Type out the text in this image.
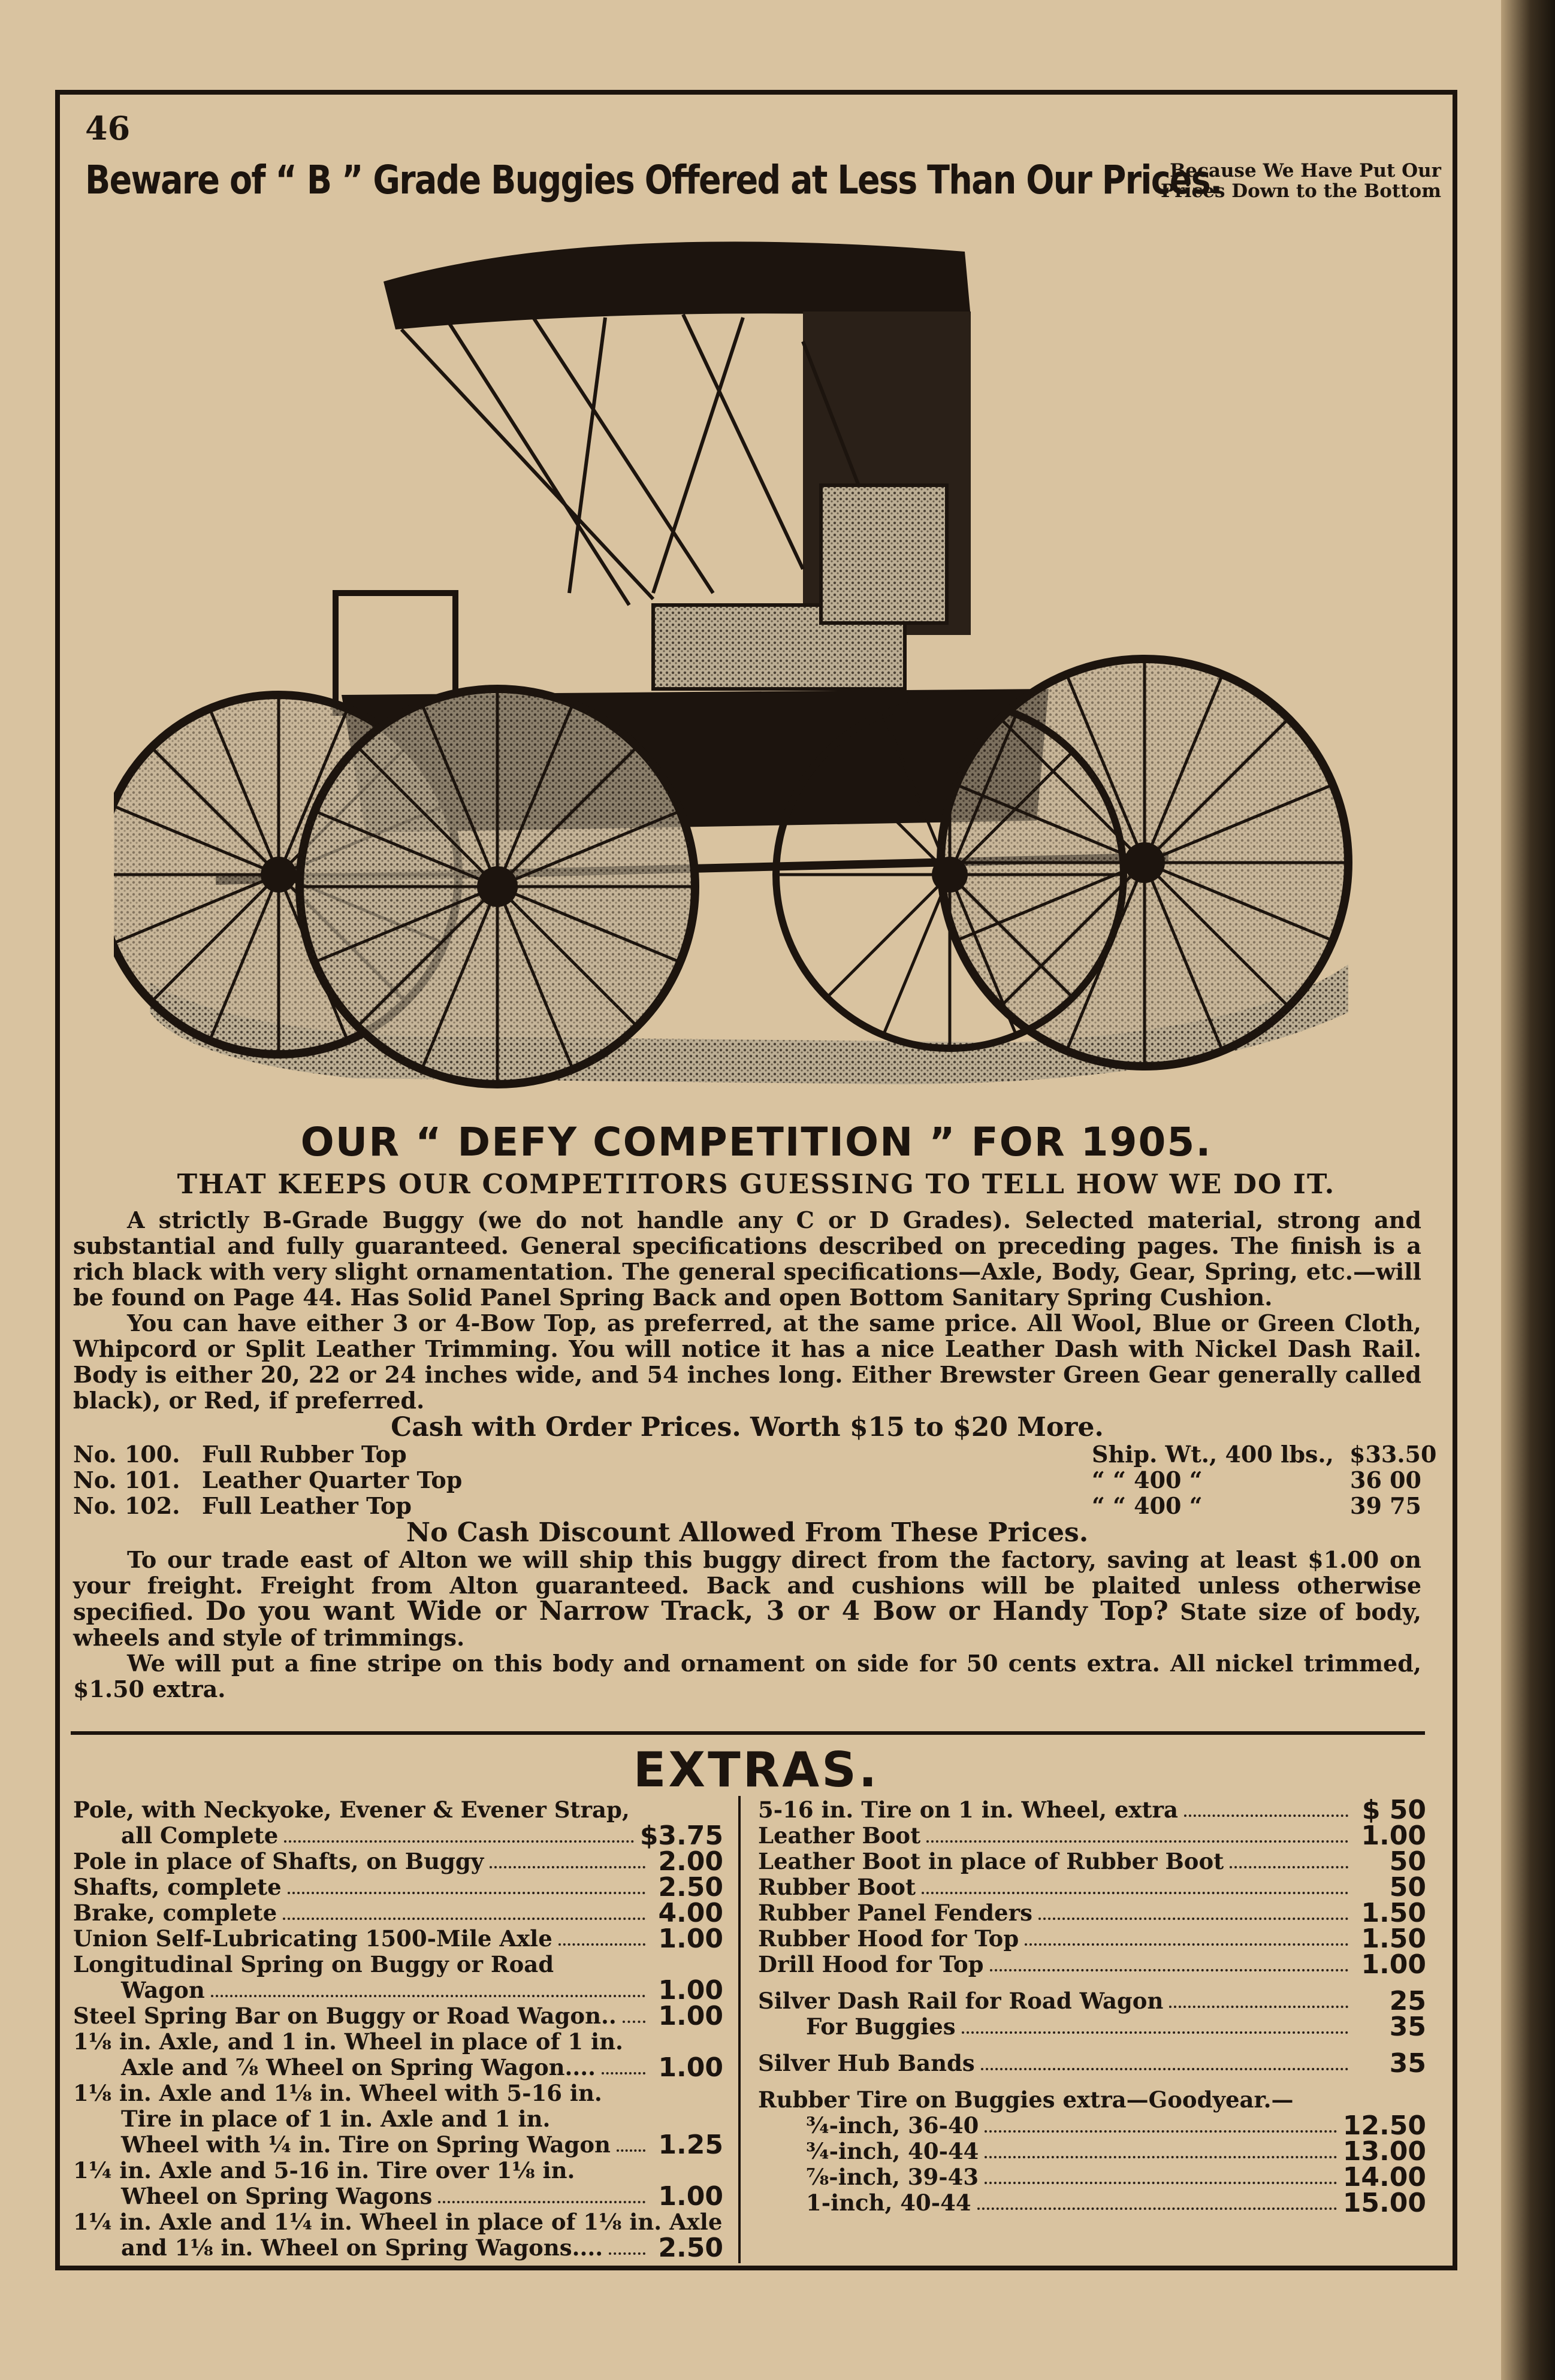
46
Beware of “ B ” Grade Buggies Offered at Less Than Our Prices.
Because We Have Put Our
Prices Down to the Bottom
OUR “ DEFY COMPETITION ” FOR 1905.
THAT KEEPS OUR COMPETITORS GUESSING TO TELL HOW WE DO IT.

A strictly B-Grade Buggy (we do not handle any C or D Grades). Selected material, strong and substantial and fully guaranteed. General specifications described on preceding pages. The finish is a rich black with very slight ornamentation. The general specifications—Axle, Body, Gear, Spring, etc.—will be found on Page 44. Has Solid Panel Spring Back and open Bottom Sanitary Spring Cushion.

You can have either 3 or 4-Bow Top, as preferred, at the same price. All Wool, Blue or Green Cloth, Whipcord or Split Leather Trimming. You will notice it has a nice Leather Dash with Nickel Dash Rail. Body is either 20, 22 or 24 inches wide, and 54 inches long. Either Brewster Green Gear generally called black), or Red, if preferred.

Cash with Order Prices. Worth $15 to $20 More.
No. 100. Full Rubber Top	Ship. Wt., 400 lbs., $33.50
No. 101. Leather Quarter Top	“ “ 400 “	36 00
No. 102. Full Leather Top	“ “ 400 “	39 75
No Cash Discount Allowed From These Prices.

To our trade east of Alton we will ship this buggy direct from the factory, saving at least $1.00 on your freight. Freight from Alton guaranteed. Back and cushions will be plaited unless otherwise specified. Do you want Wide or Narrow Track, 3 or 4 Bow or Handy Top? State size of body, wheels and style of trimmings.

We will put a fine stripe on this body and ornament on side for 50 cents extra. All nickel trimmed, $1.50 extra.

EXTRAS.
Pole, with Neckyoke, Evener & Evener Strap,
all Complete	$3.75
Pole in place of Shafts, on Buggy	2.00
Shafts, complete	2.50
Brake, complete	4.00
Union Self-Lubricating 1500-Mile Axle	1.00
Longitudinal Spring on Buggy or Road
Wagon	1.00
Steel Spring Bar on Buggy or Road Wagon.. 1.00
1⅛ in. Axle, and 1 in. Wheel in place of 1 in.
Axle and ⅞ Wheel on Spring Wagon.... 1.00
1⅛ in. Axle and 1⅛ in. Wheel with 5-16 in.
Tire in place of 1 in. Axle and 1 in.
Wheel with ¼ in. Tire on Spring Wagon 1.25
1¼ in. Axle and 5-16 in. Tire over 1⅛ in.
Wheel on Spring Wagons	1.00
1¼ in. Axle and 1¼ in. Wheel in place of 1⅛ in. Axle
and 1⅛ in. Wheel on Spring Wagons.... 2.50
5-16 in. Tire on 1 in. Wheel, extra	$ 50
Leather Boot	1.00
Leather Boot in place of Rubber Boot	50
Rubber Boot	50
Rubber Panel Fenders	1.50
Rubber Hood for Top	1.50
Drill Hood for Top	1.00
Silver Dash Rail for Road Wagon	25
For Buggies	35
Silver Hub Bands	35
Rubber Tire on Buggies extra—Goodyear.—
¾-inch, 36-40	12.50
¾-inch, 40-44	13.00
⅞-inch, 39-43	14.00
1-inch, 40-44	15.00
